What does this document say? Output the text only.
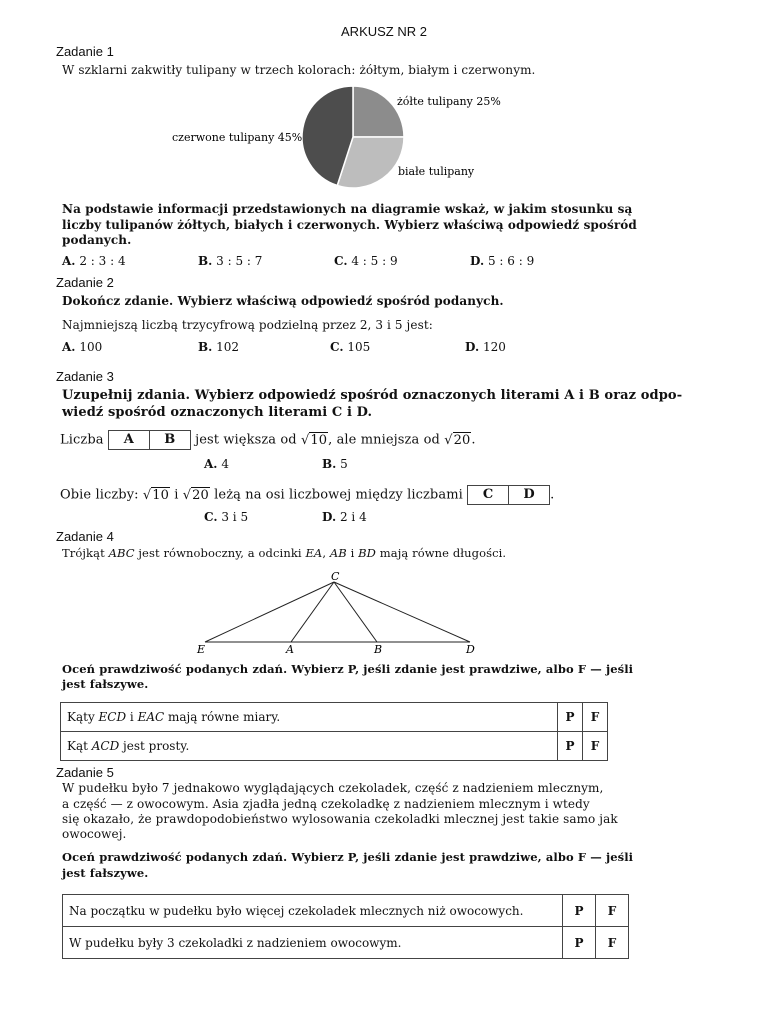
ARKUSZ NR 2
Zadanie 1
W szklarni zakwitły tulipany w trzech kolorach: żółtym, białym i czerwonym.
żółte tulipany 25%
białe tulipany
czerwone tulipany 45%
Na podstawie informacji przedstawionych na diagramie wskaż, w jakim stosunku są
liczby tulipanów żółtych, białych i czerwonych. Wybierz właściwą odpowiedź spośród
podanych.
A. 2 : 3 : 4	B. 3 : 5 : 7	C. 4 : 5 : 9	D. 5 : 6 : 9
Zadanie 2
Dokończ zdanie. Wybierz właściwą odpowiedź spośród podanych.
Najmniejszą liczbą trzycyfrową podzielną przez 2, 3 i 5 jest:
A. 100	B. 102	C. 105	D. 120
Zadanie 3
Uzupełnij zdania. Wybierz odpowiedź spośród oznaczonych literami A i B oraz odpo-
wiedź spośród oznaczonych literami C i D.
Liczba	A	B	jest większa od √10, ale mniejsza od √20.
A. 4	B. 5
Obie liczby: √10 i √20 leżą na osi liczbowej między liczbami	C	D	.
C. 3 i 5	D. 2 i 4
Zadanie 4
Trójkąt ABC jest równoboczny, a odcinki EA, AB i BD mają równe długości.
C
E	A	B	D
Oceń prawdziwość podanych zdań. Wybierz P, jeśli zdanie jest prawdziwe, albo F — jeśli
jest fałszywe.
Kąty ECD i EAC mają równe miary.	P	F
Kąt ACD jest prosty.	P	F
Zadanie 5
W pudełku było 7 jednakowo wyglądających czekoladek, część z nadzieniem mlecznym,
a część — z owocowym. Asia zjadła jedną czekoladkę z nadzieniem mlecznym i wtedy
się okazało, że prawdopodobieństwo wylosowania czekoladki mlecznej jest takie samo jak
owocowej.
Oceń prawdziwość podanych zdań. Wybierz P, jeśli zdanie jest prawdziwe, albo F — jeśli
jest fałszywe.
Na początku w pudełku było więcej czekoladek mlecznych niż owocowych.	P	F
W pudełku były 3 czekoladki z nadzieniem owocowym.	P	F
